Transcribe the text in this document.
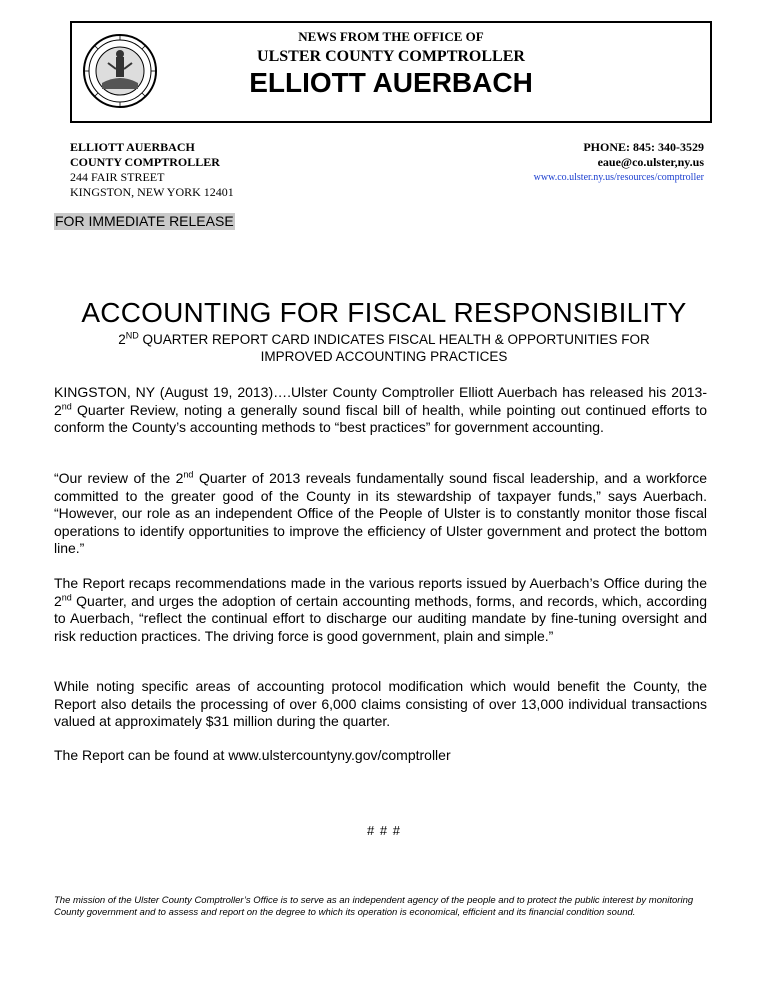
NEWS FROM THE OFFICE OF
ULSTER COUNTY COMPTROLLER
ELLIOTT AUERBACH
ELLIOTT AUERBACH
COUNTY COMPTROLLER
244 FAIR STREET
KINGSTON, NEW YORK 12401
PHONE: 845: 340-3529
eaue@co.ulster,ny.us
www.co.ulster.ny.us/resources/comptroller
FOR IMMEDIATE RELEASE
ACCOUNTING FOR FISCAL RESPONSIBILITY
2ND QUARTER REPORT CARD INDICATES FISCAL HEALTH & OPPORTUNITIES FOR
IMPROVED ACCOUNTING PRACTICES

KINGSTON, NY (August 19, 2013)….Ulster County Comptroller Elliott Auerbach has released his 2013-2nd Quarter Review, noting a generally sound fiscal bill of health, while pointing out continued efforts to conform the County’s accounting methods to “best practices” for government accounting.

“Our review of the 2nd Quarter of 2013 reveals fundamentally sound fiscal leadership, and a workforce committed to the greater good of the County in its stewardship of taxpayer funds,” says Auerbach. “However, our role as an independent Office of the People of Ulster is to constantly monitor those fiscal operations to identify opportunities to improve the efficiency of Ulster government and protect the bottom line.”

The Report recaps recommendations made in the various reports issued by Auerbach’s Office during the 2nd Quarter, and urges the adoption of certain accounting methods, forms, and records, which, according to Auerbach, “reflect the continual effort to discharge our auditing mandate by fine-tuning oversight and risk reduction practices. The driving force is good government, plain and simple.”

While noting specific areas of accounting protocol modification which would benefit the County, the Report also details the processing of over 6,000 claims consisting of over 13,000 individual transactions valued at approximately $31 million during the quarter.

The Report can be found at www.ulstercountyny.gov/comptroller

# # #
The mission of the Ulster County Comptroller’s Office is to serve as an independent agency of the people and to protect the public interest by monitoring County government and to assess and report on the degree to which its operation is economical, efficient and its financial condition sound.
